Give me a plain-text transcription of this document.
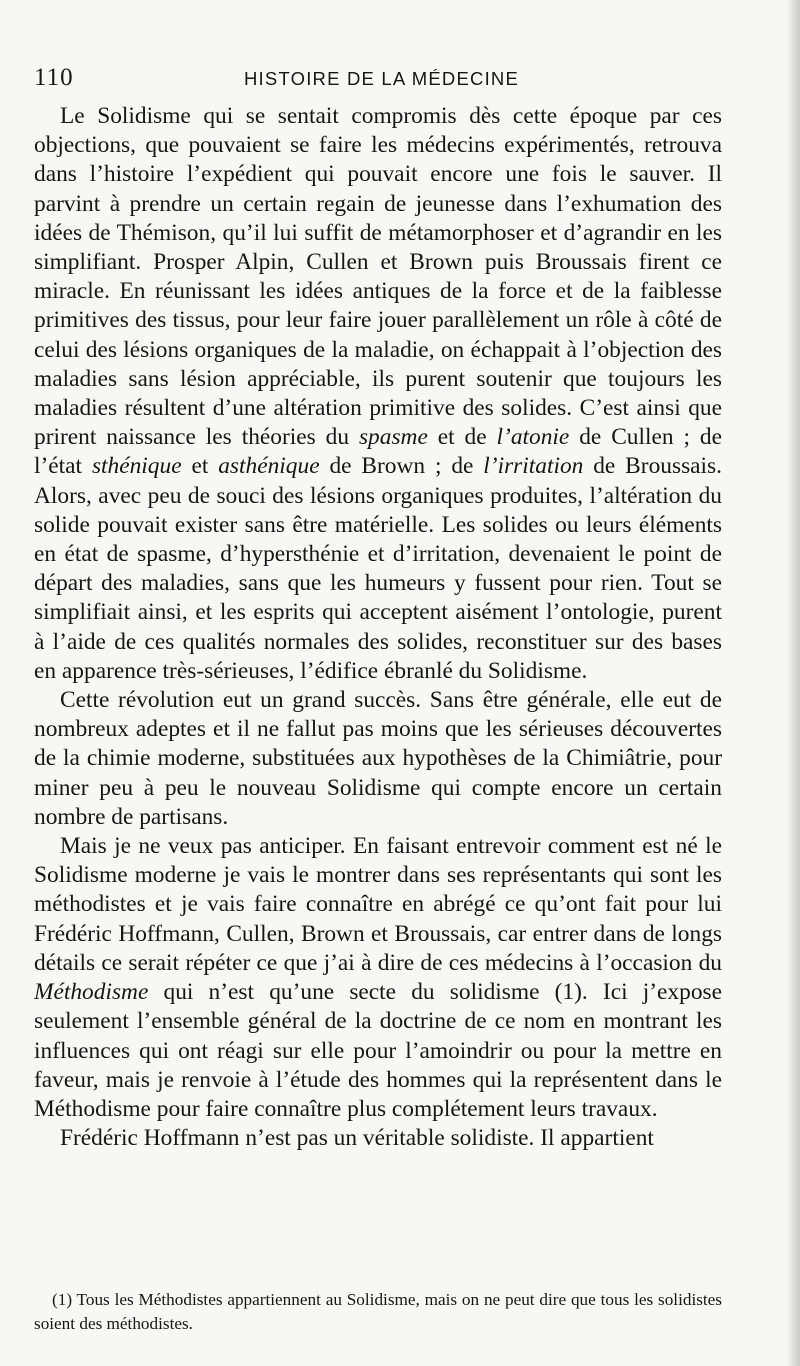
110	HISTOIRE DE LA MÉDECINE

Le Solidisme qui se sentait compromis dès cette époque par ces objections, que pouvaient se faire les médecins expérimentés, retrouva dans l’histoire l’expédient qui pouvait encore une fois le sauver. Il parvint à prendre un certain regain de jeunesse dans l’exhumation des idées de Thémison, qu’il lui suffit de métamorphoser et d’agrandir en les simplifiant. Prosper Alpin, Cullen et Brown puis Broussais firent ce miracle. En réunissant les idées antiques de la force et de la faiblesse primitives des tissus, pour leur faire jouer parallèlement un rôle à côté de celui des lésions organiques de la maladie, on échappait à l’objection des maladies sans lésion appréciable, ils purent soutenir que toujours les maladies résultent d’une altération primitive des solides. C’est ainsi que prirent naissance les théories du spasme et de l’atonie de Cullen ; de l’état sthénique et asthénique de Brown ; de l’irritation de Broussais. Alors, avec peu de souci des lésions organiques produites, l’altération du solide pouvait exister sans être matérielle. Les solides ou leurs éléments en état de spasme, d’hypersthénie et d’irritation, devenaient le point de départ des maladies, sans que les humeurs y fussent pour rien. Tout se simplifiait ainsi, et les esprits qui acceptent aisément l’ontologie, purent à l’aide de ces qualités normales des solides, reconstituer sur des bases en apparence très-sérieuses, l’édifice ébranlé du Solidisme.

Cette révolution eut un grand succès. Sans être générale, elle eut de nombreux adeptes et il ne fallut pas moins que les sérieuses découvertes de la chimie moderne, substituées aux hypothèses de la Chimiâtrie, pour miner peu à peu le nouveau Solidisme qui compte encore un certain nombre de partisans.

Mais je ne veux pas anticiper. En faisant entrevoir comment est né le Solidisme moderne je vais le montrer dans ses représentants qui sont les méthodistes et je vais faire connaître en abrégé ce qu’ont fait pour lui Frédéric Hoffmann, Cullen, Brown et Broussais, car entrer dans de longs détails ce serait répéter ce que j’ai à dire de ces médecins à l’occasion du Méthodisme qui n’est qu’une secte du solidisme (1). Ici j’expose seulement l’ensemble général de la doctrine de ce nom en montrant les influences qui ont réagi sur elle pour l’amoindrir ou pour la mettre en faveur, mais je renvoie à l’étude des hommes qui la représentent dans le Méthodisme pour faire connaître plus complétement leurs travaux.

Frédéric Hoffmann n’est pas un véritable solidiste. Il appartient

(1) Tous les Méthodistes appartiennent au Solidisme, mais on ne peut dire que tous les solidistes soient des méthodistes.
